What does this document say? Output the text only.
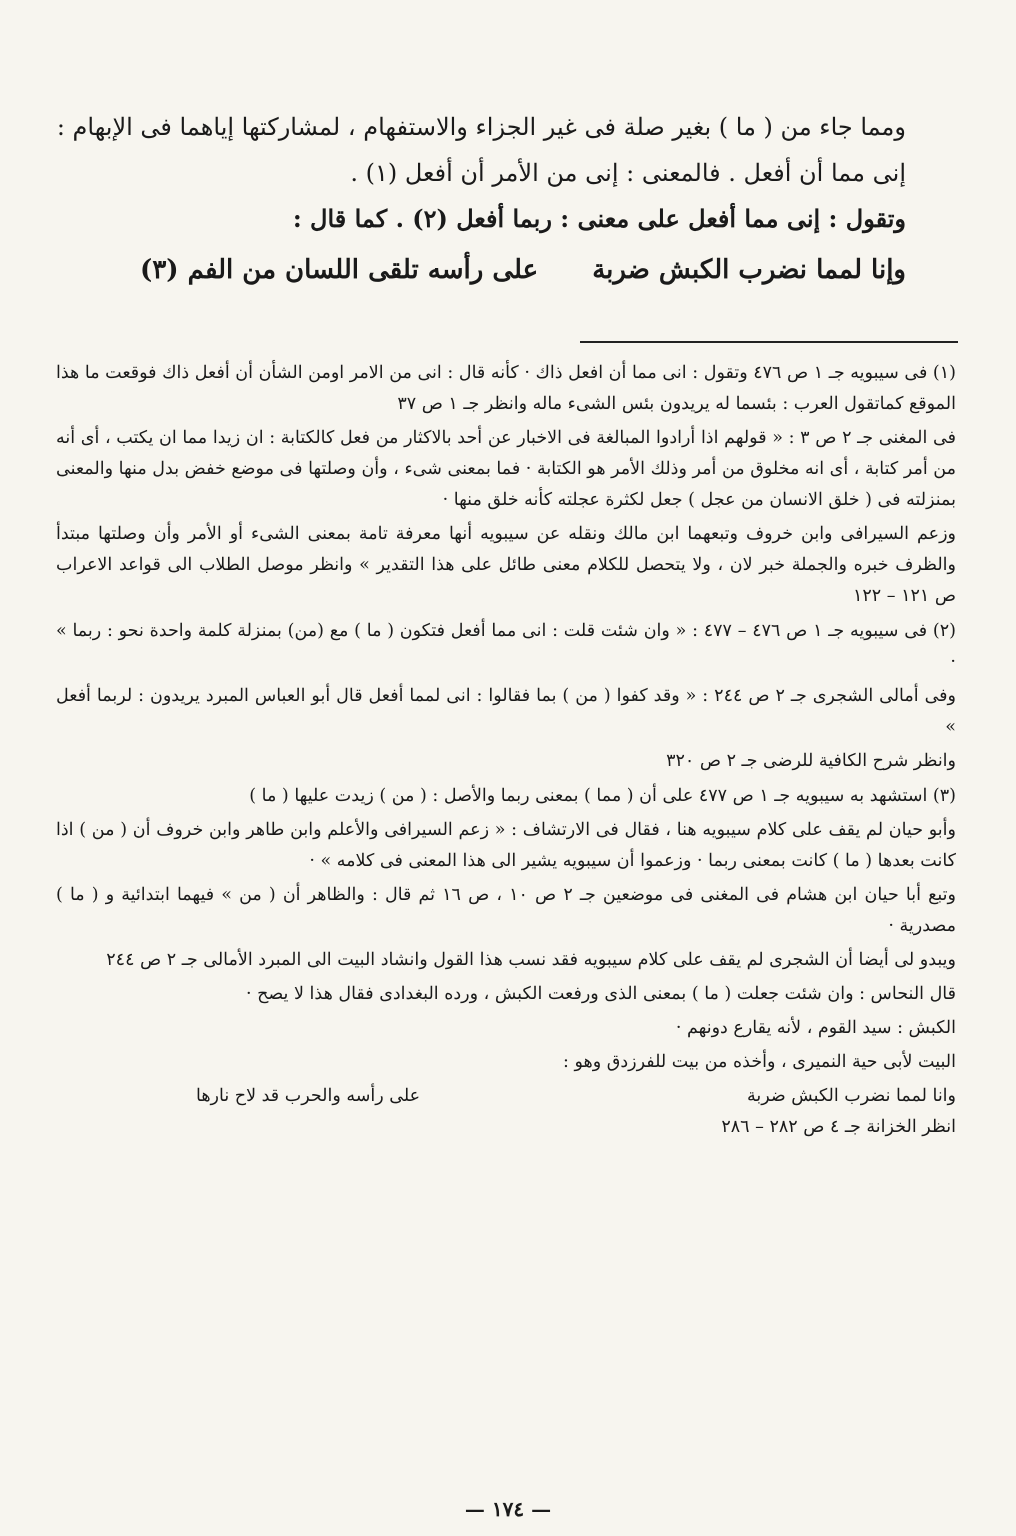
ومما جاء من ( ما ) بغير صلة فى غير الجزاء والاستفهام ، لمشاركتها إياهما فى الإبهام :

إنى مما أن أفعل . فالمعنى : إنى من الأمر أن أفعل (١) .

وتقول : إنى مما أفعل على معنى : ربما أفعل (٢) . كما قال :

وإنا لمما نضرب الكبش ضربة
على رأسه تلقى اللسان من الفم (٣)

(١) فى سيبويه جـ ١ ص ٤٧٦ وتقول : انى مما أن افعل ذاك · كأنه قال : انى من الامر اومن الشأن أن أفعل ذاك فوقعت ما هذا الموقع كماتقول العرب : بئسما له يريدون بئس الشىء ماله وانظر جـ ١ ص ٣٧

فى المغنى جـ ٢ ص ٣ : « قولهم اذا أرادوا المبالغة فى الاخبار عن أحد بالاكثار من فعل كالكتابة : ان زيدا مما ان يكتب ، أى أنه من أمر كتابة ، أى انه مخلوق من أمر وذلك الأمر هو الكتابة · فما بمعنى شىء ، وأن وصلتها فى موضع خفض بدل منها والمعنى بمنزلته فى ( خلق الانسان من عجل ) جعل لكثرة عجلته كأنه خلق منها ·

وزعم السيرافى وابن خروف وتبعهما ابن مالك ونقله عن سيبويه أنها معرفة تامة بمعنى الشىء أو الأمر وأن وصلتها مبتدأ والظرف خبره والجملة خبر لان ، ولا يتحصل للكلام معنى طائل على هذا التقدير » وانظر موصل الطلاب الى قواعد الاعراب ص ١٢١ – ١٢٢

(٢) فى سيبويه جـ ١ ص ٤٧٦ – ٤٧٧ : « وان شئت قلت : انى مما أفعل فتكون ( ما ) مع (من) بمنزلة كلمة واحدة نحو : ربما » ·

وفى أمالى الشجرى جـ ٢ ص ٢٤٤ : « وقد كفوا ( من ) بما فقالوا : انى لمما أفعل قال أبو العباس المبرد يريدون : لربما أفعل »

وانظر شرح الكافية للرضى جـ ٢ ص ٣٢٠

(٣) استشهد به سيبويه جـ ١ ص ٤٧٧ على أن ( مما ) بمعنى ربما والأصل : ( من ) زيدت عليها ( ما )

وأبو حيان لم يقف على كلام سيبويه هنا ، فقال فى الارتشاف : « زعم السيرافى والأعلم وابن طاهر وابن خروف أن ( من ) اذا كانت بعدها ( ما ) كانت بمعنى ربما · وزعموا أن سيبويه يشير الى هذا المعنى فى كلامه » ·

وتبع أبا حيان ابن هشام فى المغنى فى موضعين جـ ٢ ص ١٠ ، ص ١٦ ثم قال : والظاهر أن ( من » فيهما ابتدائية و ( ما ) مصدرية ·

ويبدو لى أيضا أن الشجرى لم يقف على كلام سيبويه فقد نسب هذا القول وانشاد البيت الى المبرد الأمالى جـ ٢ ص ٢٤٤

قال النحاس : وان شئت جعلت ( ما ) بمعنى الذى ورفعت الكبش ، ورده البغدادى فقال هذا لا يصح ·

الكبش : سيد القوم ، لأنه يقارع دونهم ·

البيت لأبى حية النميرى ، وأخذه من بيت للفرزدق وهو :

وانا لمما نضرب الكبش ضربة
على رأسه والحرب قد لاح نارها

انظر الخزانة جـ ٤ ص ٢٨٢ – ٢٨٦

— ١٧٤ —
